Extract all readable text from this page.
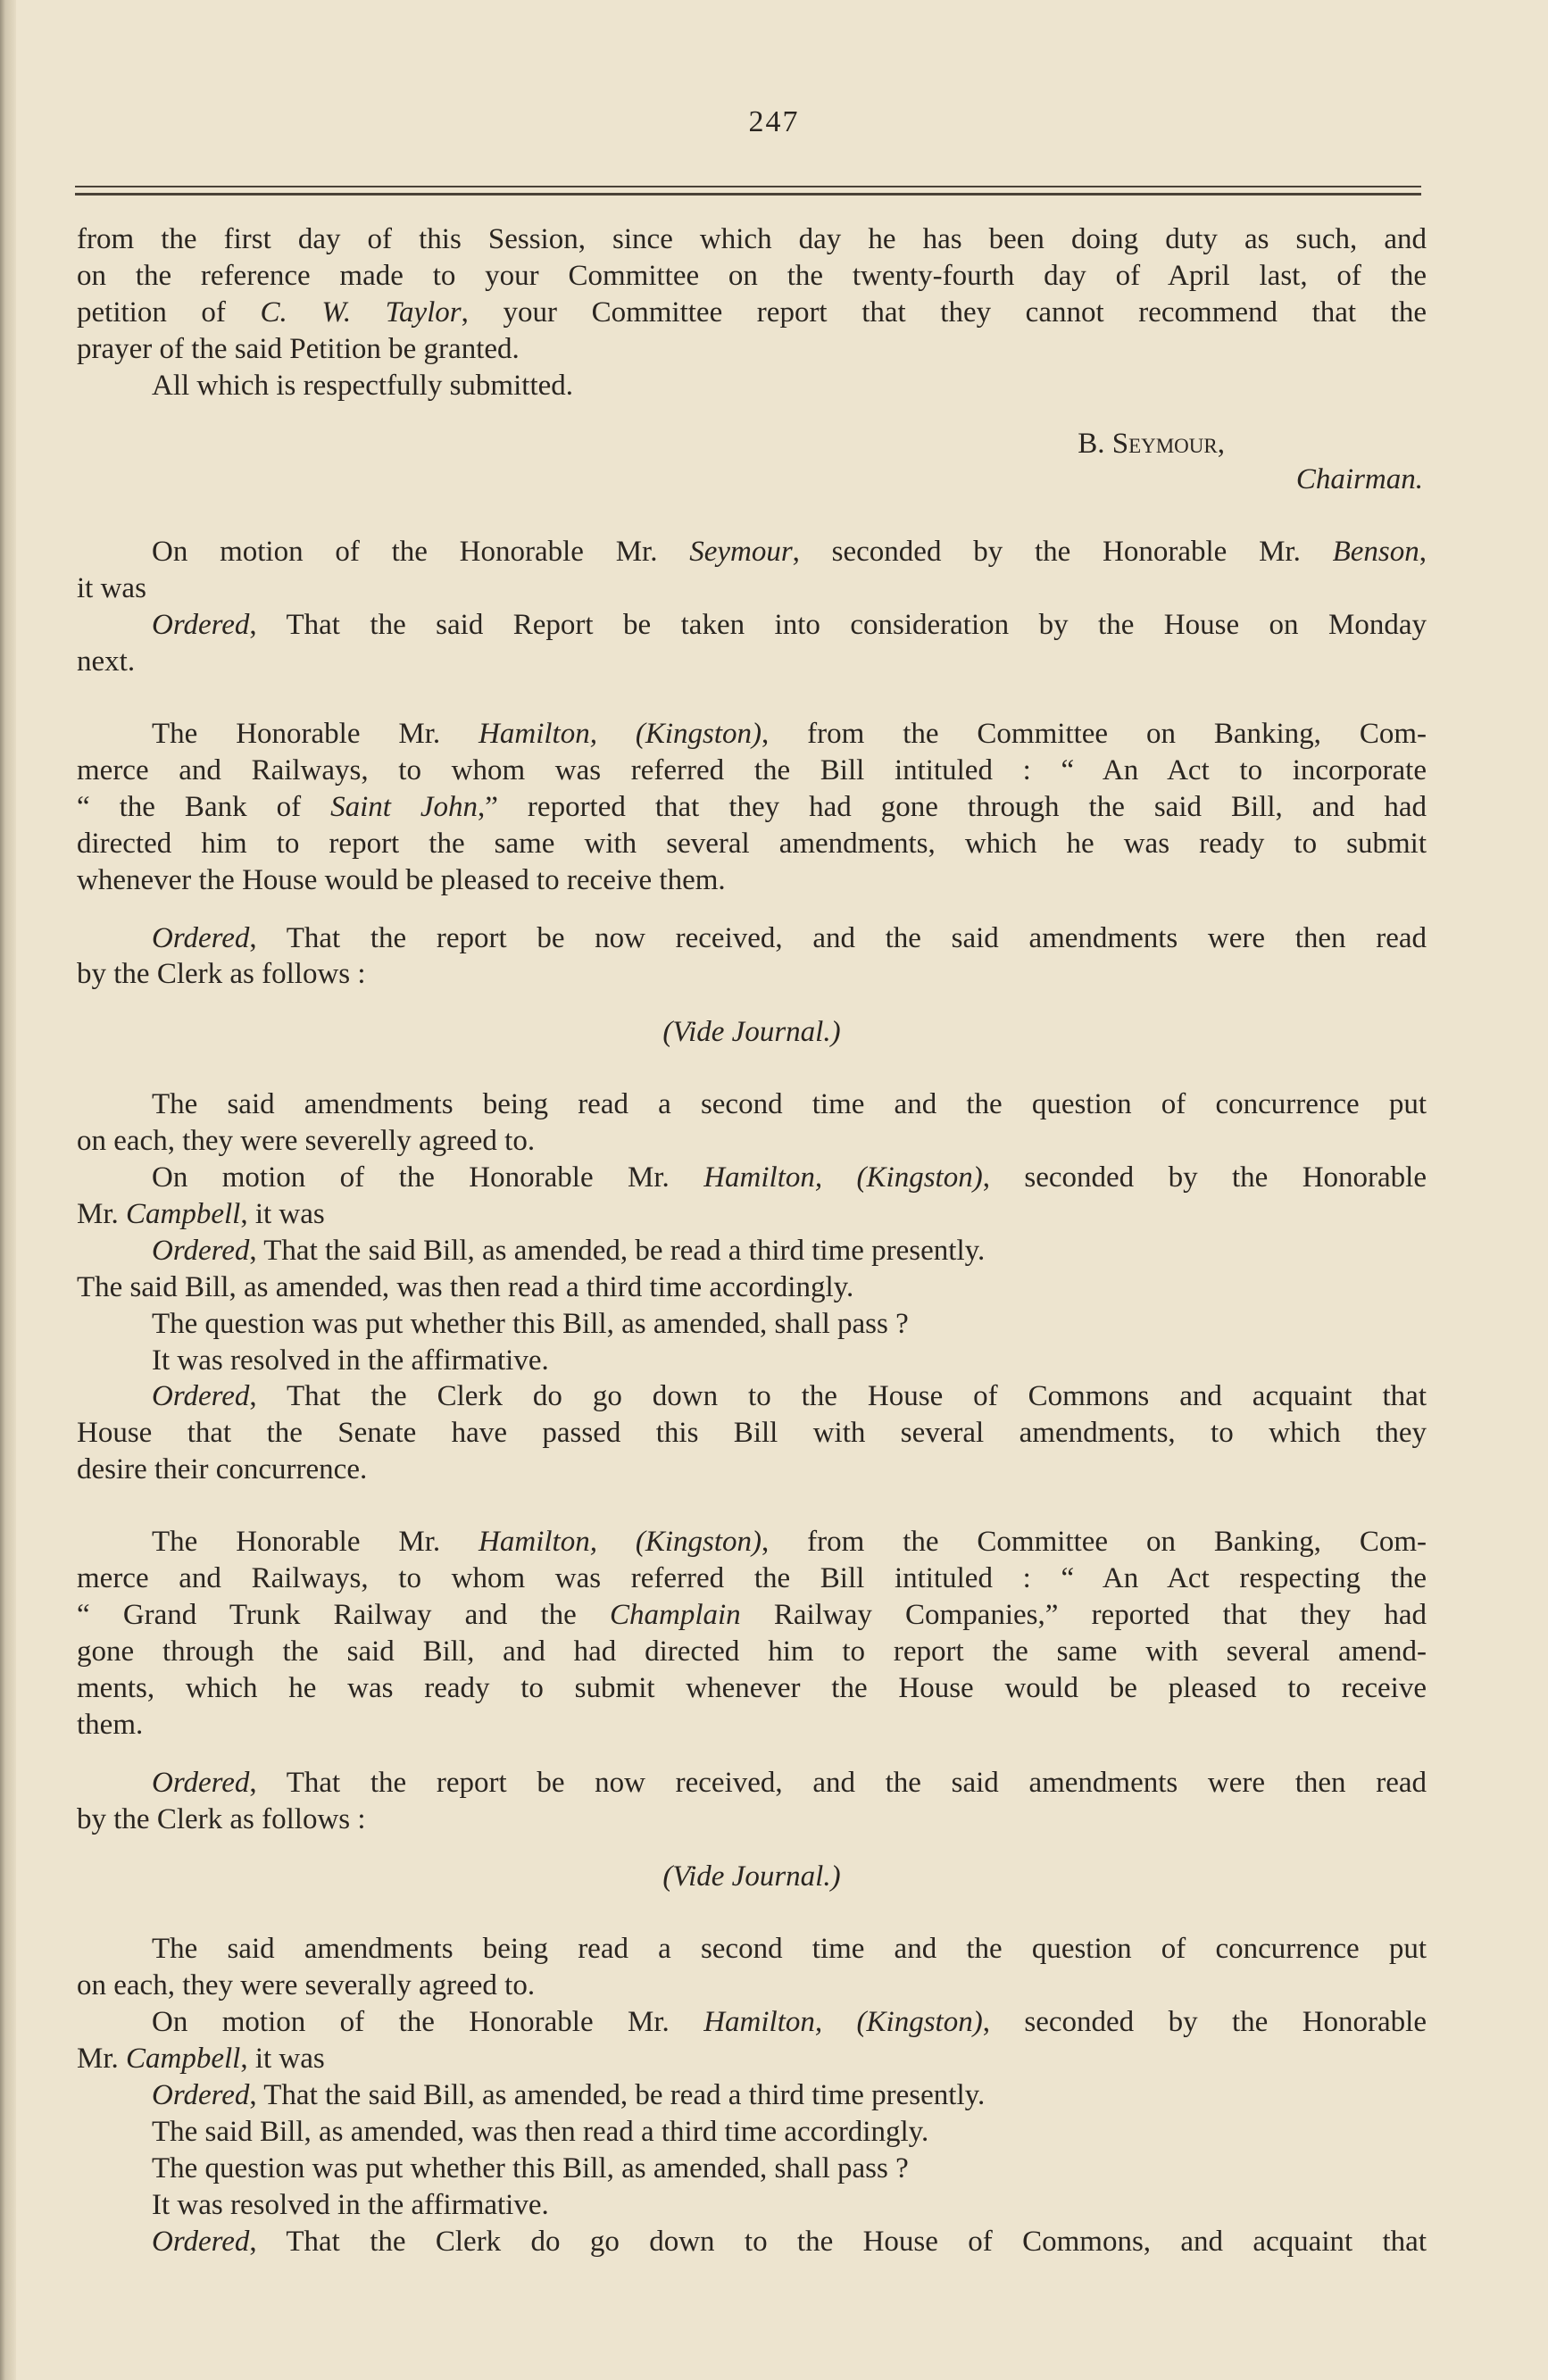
247

from the first day of this Session, since which day he has been doing duty as such, and

on the reference made to your Committee on the twenty-fourth day of April last, of the

petition of C. W. Taylor, your Committee report that they cannot recommend that the

prayer of the said Petition be granted.

All which is respectfully submitted.

B. Seymour,

Chairman.

On motion of the Honorable Mr. Seymour, seconded by the Honorable Mr. Benson,

it was

Ordered, That the said Report be taken into consideration by the House on Monday

next.

The Honorable Mr. Hamilton, (Kingston), from the Committee on Banking, Com-

merce and Railways, to whom was referred the Bill intituled : “ An Act to incorporate

“ the Bank of Saint John,” reported that they had gone through the said Bill, and had

directed him to report the same with several amendments, which he was ready to submit

whenever the House would be pleased to receive them.

Ordered, That the report be now received, and the said amendments were then read

by the Clerk as follows :

(Vide Journal.)

The said amendments being read a second time and the question of concurrence put

on each, they were severelly agreed to.

On motion of the Honorable Mr. Hamilton, (Kingston), seconded by the Honorable

Mr. Campbell, it was

Ordered, That the said Bill, as amended, be read a third time presently.

The said Bill, as amended, was then read a third time accordingly.

The question was put whether this Bill, as amended, shall pass ?

It was resolved in the affirmative.

Ordered, That the Clerk do go down to the House of Commons and acquaint that

House that the Senate have passed this Bill with several amendments, to which they

desire their concurrence.

The Honorable Mr. Hamilton, (Kingston), from the Committee on Banking, Com-

merce and Railways, to whom was referred the Bill intituled : “ An Act respecting the

“ Grand Trunk Railway and the Champlain Railway Companies,” reported that they had

gone through the said Bill, and had directed him to report the same with several amend-

ments, which he was ready to submit whenever the House would be pleased to receive

them.

Ordered, That the report be now received, and the said amendments were then read

by the Clerk as follows :

(Vide Journal.)

The said amendments being read a second time and the question of concurrence put

on each, they were severally agreed to.

On motion of the Honorable Mr. Hamilton, (Kingston), seconded by the Honorable

Mr. Campbell, it was

Ordered, That the said Bill, as amended, be read a third time presently.

The said Bill, as amended, was then read a third time accordingly.

The question was put whether this Bill, as amended, shall pass ?

It was resolved in the affirmative.

Ordered, That the Clerk do go down to the House of Commons, and acquaint that
